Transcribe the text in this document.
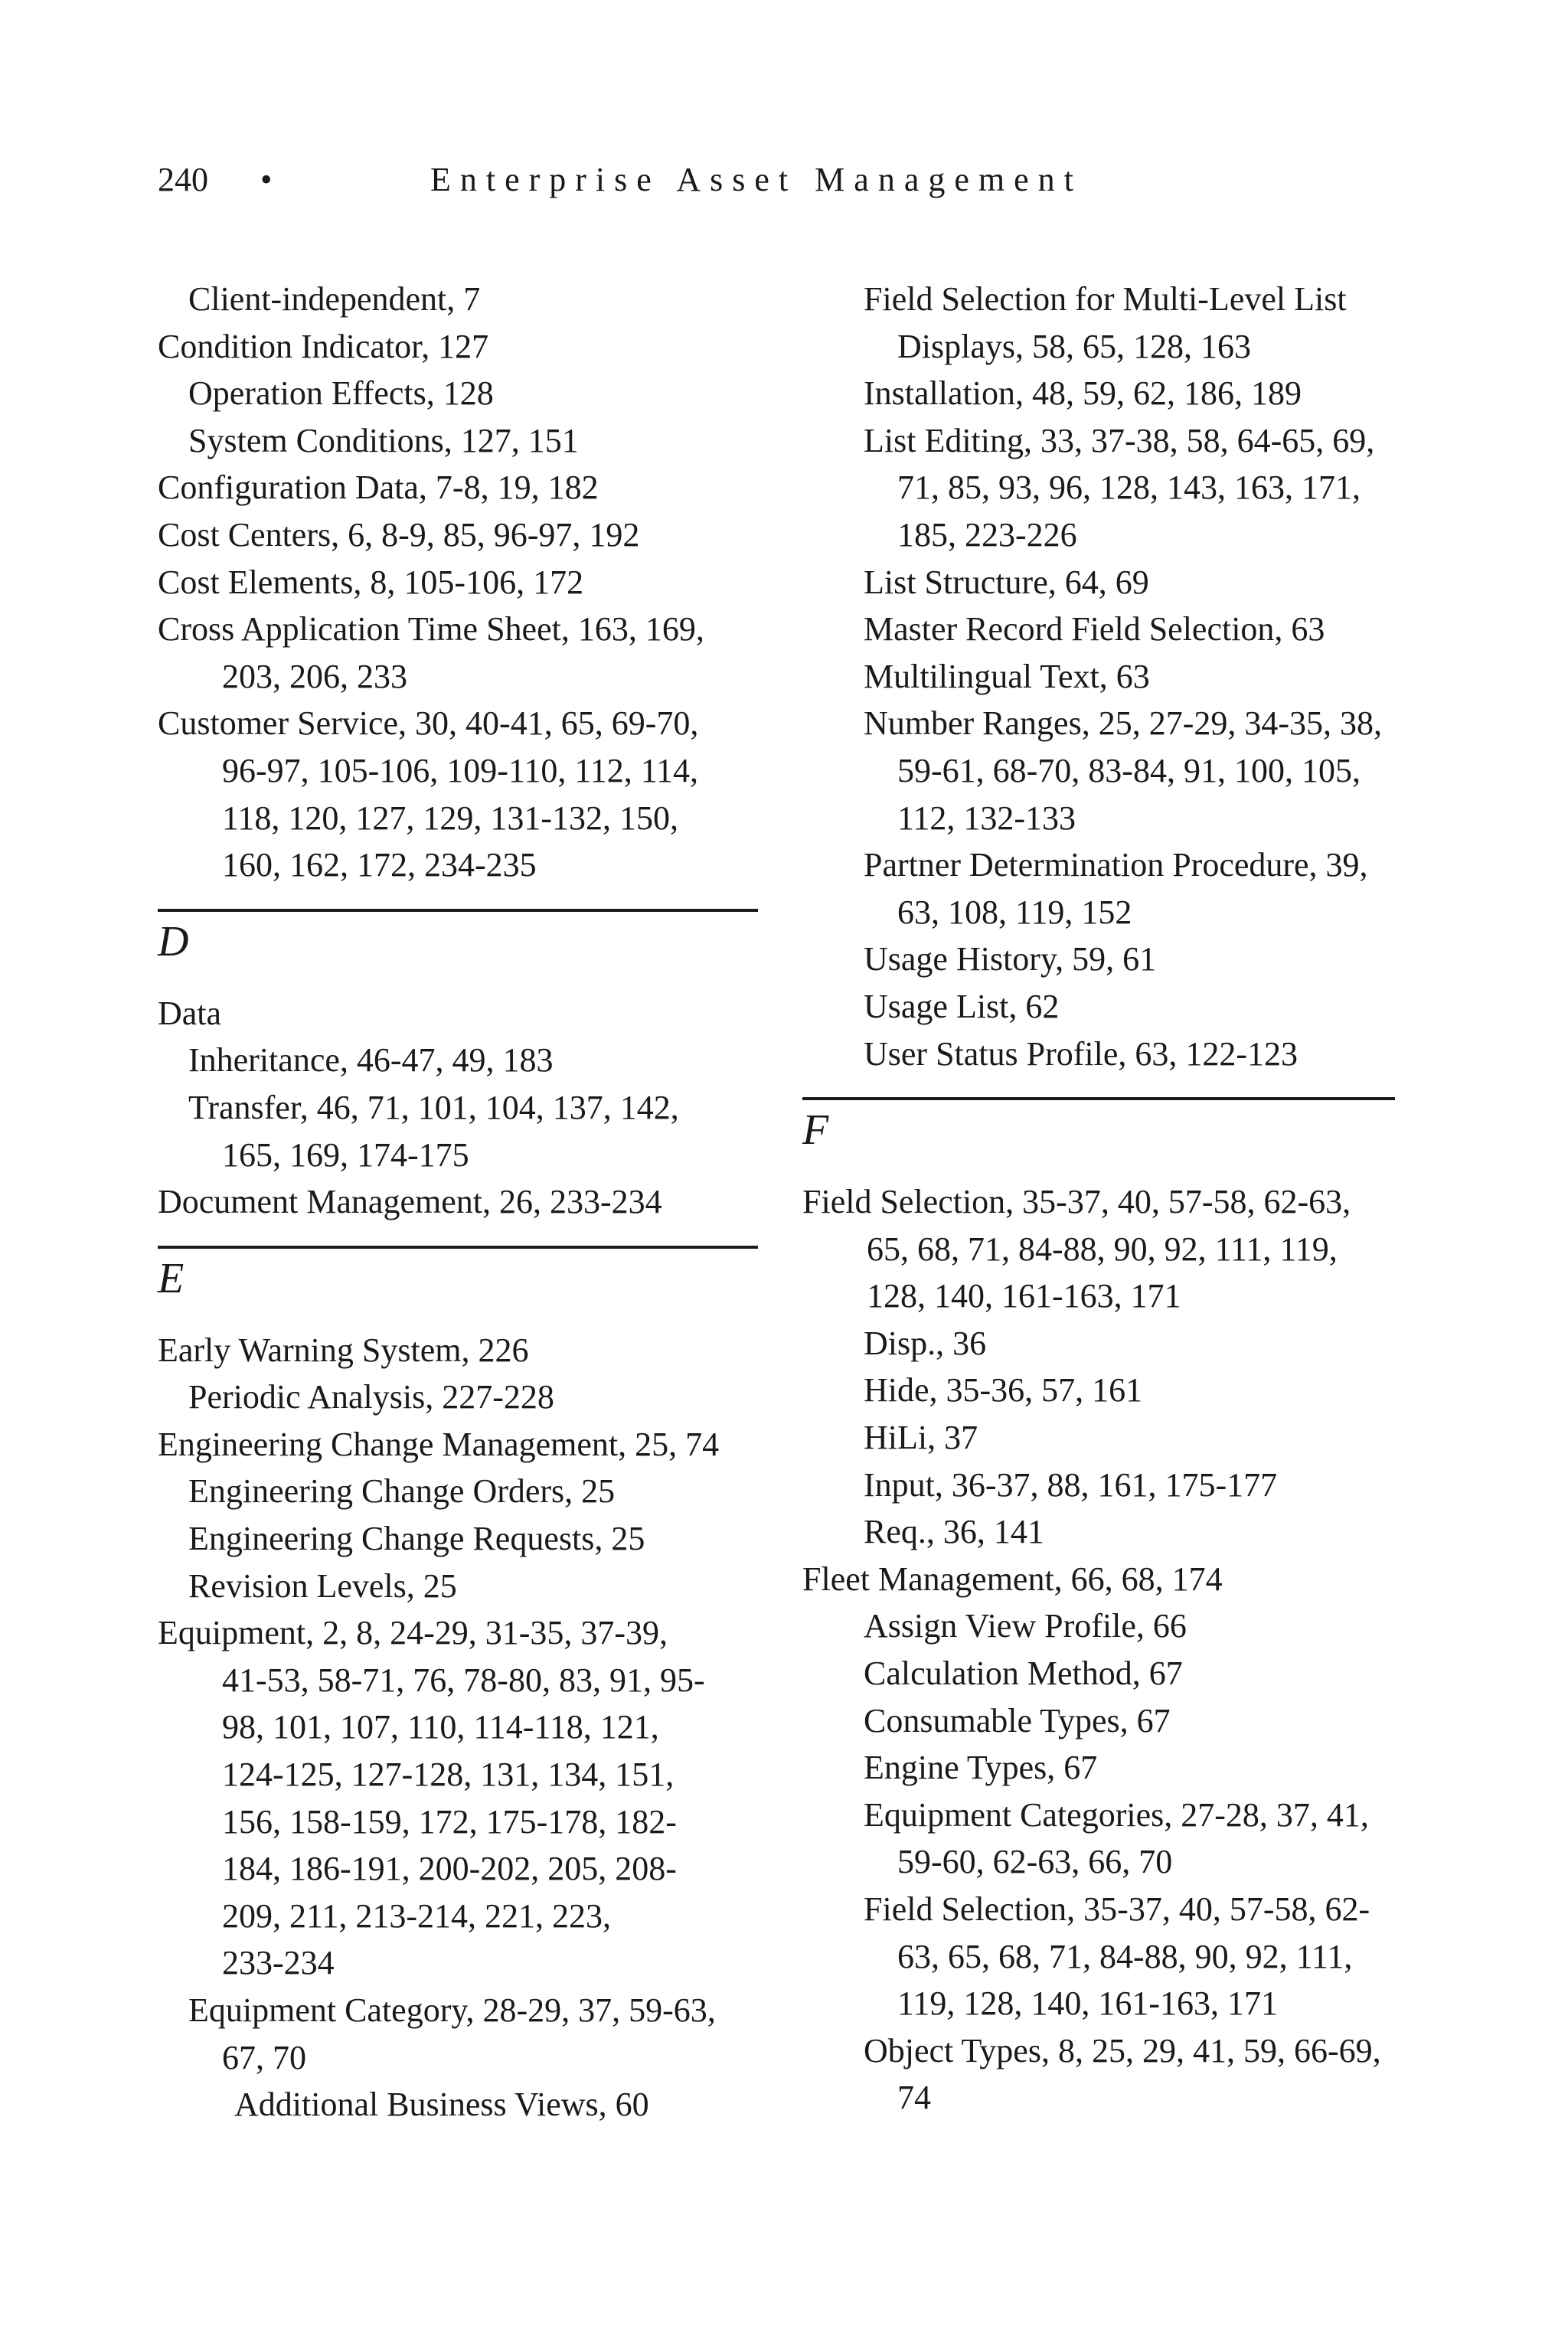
240 •	Enterprise Asset Management
Client-independent, 7
Condition Indicator, 127
Operation Effects, 128
System Conditions, 127, 151
Configuration Data, 7-8, 19, 182
Cost Centers, 6, 8-9, 85, 96-97, 192
Cost Elements, 8, 105-106, 172
Cross Application Time Sheet, 163, 169,
203, 206, 233
Customer Service, 30, 40-41, 65, 69-70,
96-97, 105-106, 109-110, 112, 114,
118, 120, 127, 129, 131-132, 150,
160, 162, 172, 234-235
D
Data
Inheritance, 46-47, 49, 183
Transfer, 46, 71, 101, 104, 137, 142,
165, 169, 174-175
Document Management, 26, 233-234
E
Early Warning System, 226
Periodic Analysis, 227-228
Engineering Change Management, 25, 74
Engineering Change Orders, 25
Engineering Change Requests, 25
Revision Levels, 25
Equipment, 2, 8, 24-29, 31-35, 37-39,
41-53, 58-71, 76, 78-80, 83, 91, 95-
98, 101, 107, 110, 114-118, 121,
124-125, 127-128, 131, 134, 151,
156, 158-159, 172, 175-178, 182-
184, 186-191, 200-202, 205, 208-
209, 211, 213-214, 221, 223,
233-234
Equipment Category, 28-29, 37, 59-63,
67, 70
Additional Business Views, 60
Field Selection for Multi-Level List
Displays, 58, 65, 128, 163
Installation, 48, 59, 62, 186, 189
List Editing, 33, 37-38, 58, 64-65, 69,
71, 85, 93, 96, 128, 143, 163, 171,
185, 223-226
List Structure, 64, 69
Master Record Field Selection, 63
Multilingual Text, 63
Number Ranges, 25, 27-29, 34-35, 38,
59-61, 68-70, 83-84, 91, 100, 105,
112, 132-133
Partner Determination Procedure, 39,
63, 108, 119, 152
Usage History, 59, 61
Usage List, 62
User Status Profile, 63, 122-123
F
Field Selection, 35-37, 40, 57-58, 62-63,
65, 68, 71, 84-88, 90, 92, 111, 119,
128, 140, 161-163, 171
Disp., 36
Hide, 35-36, 57, 161
HiLi, 37
Input, 36-37, 88, 161, 175-177
Req., 36, 141
Fleet Management, 66, 68, 174
Assign View Profile, 66
Calculation Method, 67
Consumable Types, 67
Engine Types, 67
Equipment Categories, 27-28, 37, 41,
59-60, 62-63, 66, 70
Field Selection, 35-37, 40, 57-58, 62-
63, 65, 68, 71, 84-88, 90, 92, 111,
119, 128, 140, 161-163, 171
Object Types, 8, 25, 29, 41, 59, 66-69,
74
